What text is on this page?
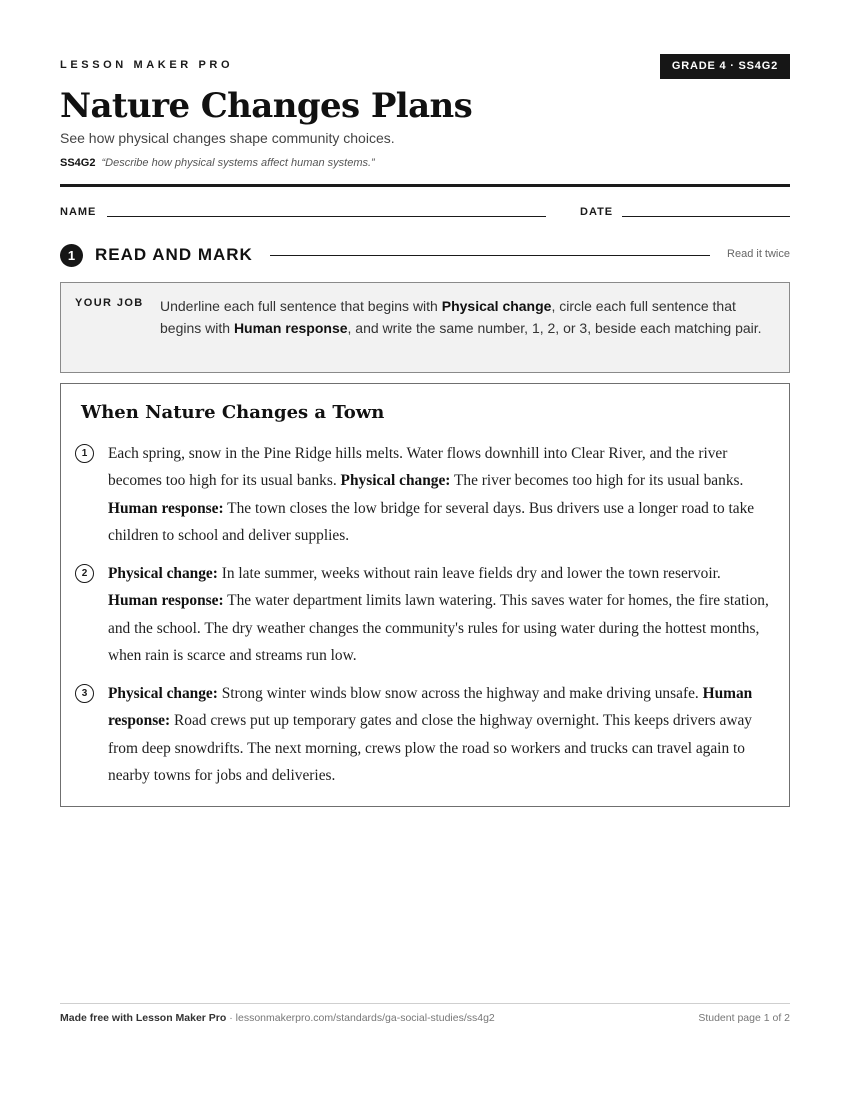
LESSON MAKER PRO	GRADE 4 · SS4G2
Nature Changes Plans
See how physical changes shape community choices.
SS4G2 “Describe how physical systems affect human systems.”
NAME	DATE
1	READ AND MARK	Read it twice
YOUR JOB Underline each full sentence that begins with Physical change, circle each full sentence that begins with Human response, and write the same number, 1, 2, or 3, beside each matching pair.
When Nature Changes a Town
1	Each spring, snow in the Pine Ridge hills melts. Water flows downhill into Clear River, and the river becomes too high for its usual banks. Physical change: The river becomes too high for its usual banks. Human response: The town closes the low bridge for several days. Bus drivers use a longer road to take children to school and deliver supplies.

2	Physical change: In late summer, weeks without rain leave fields dry and lower the town reservoir. Human response: The water department limits lawn watering. This saves water for homes, the fire station, and the school. The dry weather changes the community's rules for using water during the hottest months, when rain is scarce and streams run low.

3	Physical change: Strong winter winds blow snow across the highway and make driving unsafe. Human response: Road crews put up temporary gates and close the highway overnight. This keeps drivers away from deep snowdrifts. The next morning, crews plow the road so workers and trucks can travel again to nearby towns for jobs and deliveries.

Made free with Lesson Maker Pro · lessonmakerpro.com/standards/ga-social-studies/ss4g2	Student page 1 of 2
